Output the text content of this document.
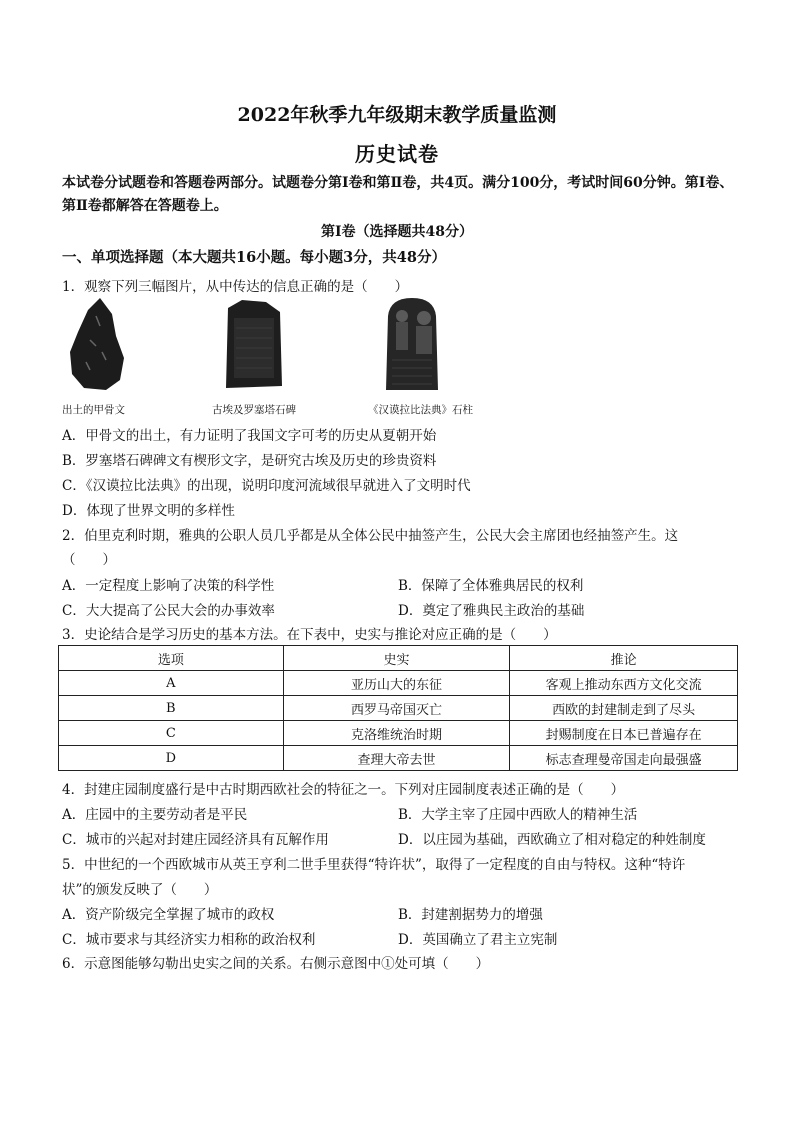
2022年秋季九年级期末教学质量监测
历史试卷
本试卷分试题卷和答题卷两部分。试题卷分第Ⅰ卷和第Ⅱ卷，共4页。满分100分，考试时间60分钟。第Ⅰ卷、第Ⅱ卷都解答在答题卷上。
第Ⅰ卷（选择题共48分）
一、单项选择题（本大题共16小题。每小题3分，共48分）
1．观察下列三幅图片，从中传达的信息正确的是（　　）
出土的甲骨文	古埃及罗塞塔石碑	《汉谟拉比法典》石柱
A．甲骨文的出土，有力证明了我国文字可考的历史从夏朝开始
B．罗塞塔石碑碑文有楔形文字，是研究古埃及历史的珍贵资料
C．《汉谟拉比法典》的出现，说明印度河流域很早就进入了文明时代
D．体现了世界文明的多样性
2．伯里克利时期，雅典的公职人员几乎都是从全体公民中抽签产生，公民大会主席团也经抽签产生。这
（　　）
A．一定程度上影响了决策的科学性	B．保障了全体雅典居民的权利
C．大大提高了公民大会的办事效率	D．奠定了雅典民主政治的基础
3．史论结合是学习历史的基本方法。在下表中，史实与推论对应正确的是（　　）
选项	史实	推论
A	亚历山大的东征	客观上推动东西方文化交流
B	西罗马帝国灭亡	西欧的封建制走到了尽头
C	克洛维统治时期	封赐制度在日本已普遍存在
D	查理大帝去世	标志查理曼帝国走向最强盛
4．封建庄园制度盛行是中古时期西欧社会的特征之一。下列对庄园制度表述正确的是（　　）
A．庄园中的主要劳动者是平民	B．大学主宰了庄园中西欧人的精神生活
C．城市的兴起对封建庄园经济具有瓦解作用	D．以庄园为基础，西欧确立了相对稳定的种姓制度
5．中世纪的一个西欧城市从英王亨利二世手里获得“特许状”，取得了一定程度的自由与特权。这种“特许
状”的颁发反映了（　　）
A．资产阶级完全掌握了城市的政权	B．封建割据势力的增强
C．城市要求与其经济实力相称的政治权利	D．英国确立了君主立宪制
6．示意图能够勾勒出史实之间的关系。右侧示意图中①处可填（　　）
